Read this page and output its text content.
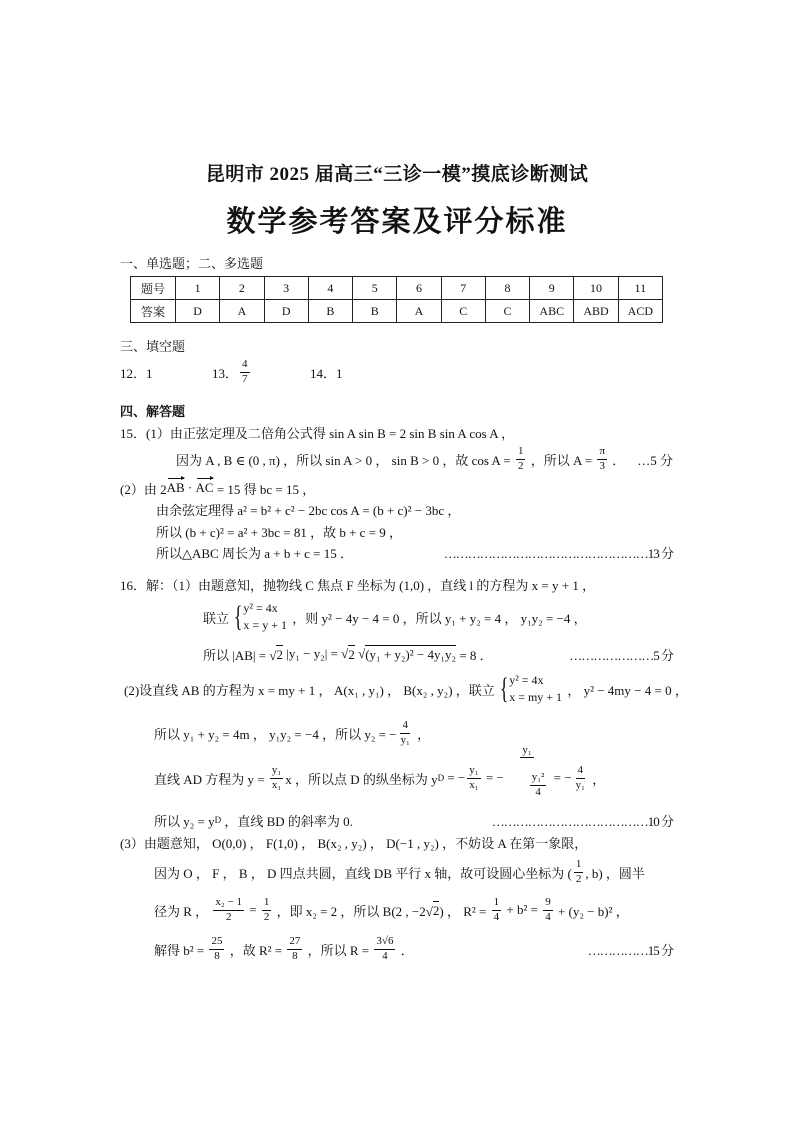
昆明市 2025 届高三“三诊一模”摸底诊断测试
数学参考答案及评分标准
一、单选题；二、多选题
题号	1	2	3	4	5	6	7	8	9	10	11
答案	D	A	D	B	B	A	C	C	ABC	ABD	ACD
三、填空题
12．1	13． $\frac{4}{7}$	14．1
四、解答题
15．(1）由正弦定理及二倍角公式得 sin A sin B = 2 sin B sin A cos A ，
因为 A , B ∈ (0 , π) ，所以 sin A > 0 ， sin B > 0 ，故 $\cos A = \frac{1}{2}$ ，所以 $A = \frac{\pi}{3}$ ． …5 分
(2）由 2 AB · AC = 15 得 bc = 15 ，
由余弦定理得 a² = b² + c² − 2bc cos A = (b + c)² − 3bc ，
所以 (b + c)² = a² + 3bc = 81 ，故 b + c = 9 ，
所以△ABC 周长为 a + b + c = 15 ．	……………………………………………13 分
16．解：（1）由题意知，抛物线 C 焦点 F 坐标为 (1,0) ，直线 l 的方程为 x = y + 1 ，
联立 { y² = 4x
x = y + 1 ，则 y² − 4y − 4 = 0 ，所以 y₁ + y₂ = 4 ， y₁y₂ = −4 ，
所以 |AB| = √ 2 |y₁ − y₂| = √ 2 √ (y₁ + y₂)² − 4y₁y₂ = 8 ．	…………………5 分
(2)设直线 AB 的方程为 x = my + 1 ， A(x₁ , y₁) ， B(x₂ , y₂) ，联立 { y² = 4x
x = my + 1 ， y² − 4my − 4 = 0 ，
所以 y₁ + y₂ = 4m ， y₁y₂ = −4 ，所以 y₂ = − $\frac{4}{\text{y₁}}$ ，
直线 AD 方程为 $y = \frac{\text{y₁}}{\text{x₁}}$ x ，所以点 D 的纵坐标为 y D = − $\frac{\text{y₁}}{\text{x₁}}$ = − $\frac{\text{y₁}}{\frac{\text{y₁²}}{4}}$

= − $\frac{4}{\text{y₁}}$ ，
所以 y₂ = y D ，直线 BD 的斜率为 0.	…………………………………10 分
(3）由题意知， O(0,0) ， F(1,0) ， B(x₂ , y₂) ， D(−1 , y₂) ，不妨设 A 在第一象限，
因为 O ， F ， B ， D 四点共圆，直线 DB 平行 x 轴，故可设圆心坐标为 ( $\frac{1}{2}$ , b) ，圆半
径为 R ， $\frac{\text{x₂ − 1}}{2} = \frac{1}{2}$ ，即 x₂ = 2 ，所以 B(2 , −2√ 2 ) ， $R^2 = \frac{1}{4} + b^2 = \frac{9}{4} + (y_2 - b)^2$ ，
解得 $b^2 = \frac{25}{8}$ ，故 $R^2 = \frac{27}{8}$ ，所以 $R = \frac{3√6}{4}$ ．	……………15 分
